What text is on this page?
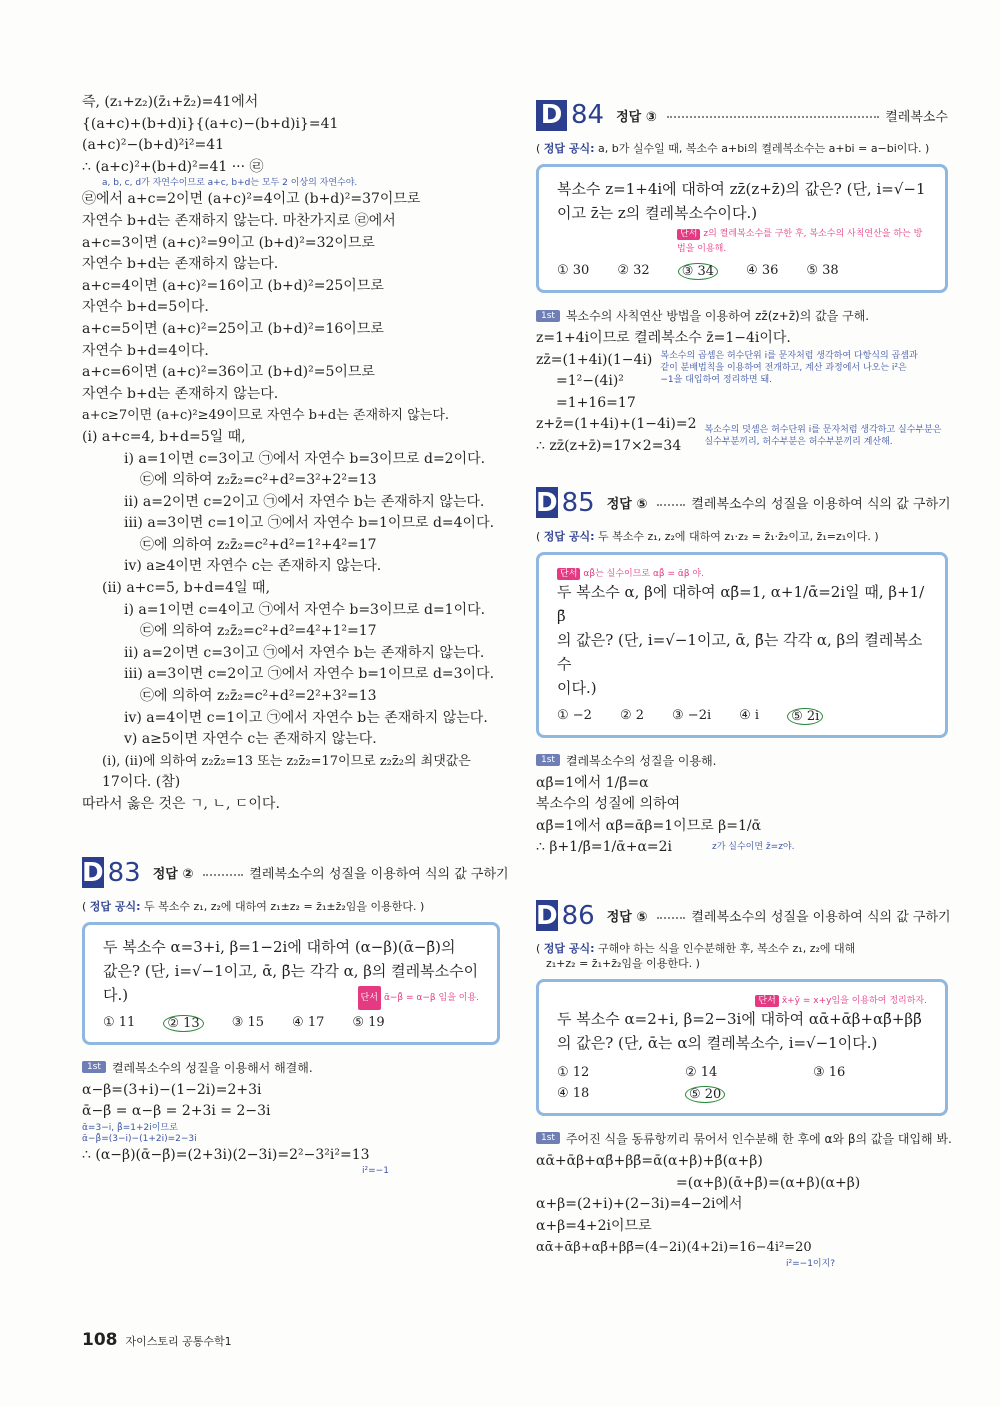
즉, (z₁+z₂)(z̄₁+z̄₂)=41에서
{(a+c)+(b+d)i}{(a+c)−(b+d)i}=41
(a+c)²−(b+d)²i²=41
∴ (a+c)²+(b+d)²=41 ··· ㉣
a, b, c, d가 자연수이므로 a+c, b+d는 모두 2 이상의 자연수야.
㉣에서 a+c=2이면 (a+c)²=4이고 (b+d)²=37이므로
자연수 b+d는 존재하지 않는다. 마찬가지로 ㉣에서
a+c=3이면 (a+c)²=9이고 (b+d)²=32이므로
자연수 b+d는 존재하지 않는다.
a+c=4이면 (a+c)²=16이고 (b+d)²=25이므로
자연수 b+d=5이다.
a+c=5이면 (a+c)²=25이고 (b+d)²=16이므로
자연수 b+d=4이다.
a+c=6이면 (a+c)²=36이고 (b+d)²=5이므로
자연수 b+d는 존재하지 않는다.
a+c≥7이면 (a+c)²≥49이므로 자연수 b+d는 존재하지 않는다.
(i) a+c=4, b+d=5일 때,
ⅰ) a=1이면 c=3이고 ㉠에서 자연수 b=3이므로 d=2이다.
㉢에 의하여 z₂z̄₂=c²+d²=3²+2²=13
ⅱ) a=2이면 c=2이고 ㉠에서 자연수 b는 존재하지 않는다.
ⅲ) a=3이면 c=1이고 ㉠에서 자연수 b=1이므로 d=4이다.
㉢에 의하여 z₂z̄₂=c²+d²=1²+4²=17
ⅳ) a≥4이면 자연수 c는 존재하지 않는다.
(ii) a+c=5, b+d=4일 때,
ⅰ) a=1이면 c=4이고 ㉠에서 자연수 b=3이므로 d=1이다.
㉢에 의하여 z₂z̄₂=c²+d²=4²+1²=17
ⅱ) a=2이면 c=3이고 ㉠에서 자연수 b는 존재하지 않는다.
ⅲ) a=3이면 c=2이고 ㉠에서 자연수 b=1이므로 d=3이다.
㉢에 의하여 z₂z̄₂=c²+d²=2²+3²=13
ⅳ) a=4이면 c=1이고 ㉠에서 자연수 b는 존재하지 않는다.
ⅴ) a≥5이면 자연수 c는 존재하지 않는다.
(i), (ii)에 의하여 z₂z̄₂=13 또는 z₂z̄₂=17이므로 z₂z̄₂의 최댓값은
17이다. (참)
따라서 옳은 것은 ㄱ, ㄴ, ㄷ이다.
D 83 정답 ②	켤레복소수의 성질을 이용하여 식의 값 구하기
( 정답 공식: 두 복소수 z₁, z₂에 대하여 z₁±z₂ = z̄₁±z̄₂임을 이용한다. )
두 복소수 α=3+i, β=1−2i에 대하여 (α−β)(ᾱ−β̄)의
값은? (단, i=√−1이고, ᾱ, β̄는 각각 α, β의 켤레복소수이
다.)	단서 ᾱ−β̄ = α−β 임을 이용.
① 11	② 13	③ 15 ④ 17 ⑤ 19
1st 켤레복소수의 성질을 이용해서 해결해.
α−β=(3+i)−(1−2i)=2+3i
ᾱ−β̄ = α−β = 2+3i = 2−3i
ᾱ=3−i, β̄=1+2i이므로
ᾱ−β̄=(3−i)−(1+2i)=2−3i
∴ (α−β)(ᾱ−β̄)=(2+3i)(2−3i)=2²−3²i²=13
i²=−1
D 84 정답 ③	켤레복소수
( 정답 공식: a, b가 실수일 때, 복소수 a+bi의 켤레복소수는 a+bi = a−bi이다. )
복소수 z=1+4i에 대하여 zz̄(z+z̄)의 값은? (단, i=√−1
이고 z̄는 z의 켤레복소수이다.)
단서 z의 켤레복소수를 구한 후, 복소수의 사칙연산을 하는 방법을 이용해.
① 30 ② 32	③ 34	④ 36 ⑤ 38
1st 복소수의 사칙연산 방법을 이용하여 zz̄(z+z̄)의 값을 구해.
z=1+4i이므로 켤레복소수 z̄=1−4i이다.
zz̄=(1+4i)(1−4i)
=1²−(4i)²
=1+16=17
복소수의 곱셈은 허수단위 i를 문자처럼 생각하여 다항식의 곱셈과
같이 분배법칙을 이용하여 전개하고, 계산 과정에서 나오는 i²은
−1을 대입하여 정리하면 돼.
z+z̄=(1+4i)+(1−4i)=2
∴ zz̄(z+z̄)=17×2=34
복소수의 덧셈은 허수단위 i를 문자처럼 생각하고 실수부분은
실수부분끼리, 허수부분은 허수부분끼리 계산해.
D 85 정답 ⑤	켤레복소수의 성질을 이용하여 식의 값 구하기
( 정답 공식: 두 복소수 z₁, z₂에 대하여 z₁·z₂ = z̄₁·z̄₂이고, z̄̄₁=z₁이다. )
단서 αβ̄는 실수이므로 αβ̄ = ᾱβ 야.
두 복소수 α, β에 대하여 αβ̄=1, α+1/ᾱ=2i일 때, β+1/β̄
의 값은? (단, i=√−1이고, ᾱ, β̄는 각각 α, β의 켤레복소수
이다.)
① −2 ② 2 ③ −2i ④ i	⑤ 2i
1st 켤레복소수의 성질을 이용해.
αβ̄=1에서 1/β̄=α
복소수의 성질에 의하여
αβ̄=1에서 αβ̄=ᾱβ=1이므로 β=1/ᾱ
∴ β+1/β̄=1/ᾱ+α=2i	z가 실수이면 z̄=z야.
D 86 정답 ⑤	켤레복소수의 성질을 이용하여 식의 값 구하기
( 정답 공식: 구해야 하는 식을 인수분해한 후, 복소수 z₁, z₂에 대해
z₁+z₂ = z̄₁+z̄₂임을 이용한다. )
단서 x̄+ȳ = x+y임을 이용하여 정리하자.
두 복소수 α=2+i, β=2−3i에 대하여 αᾱ+ᾱβ+αβ̄+ββ̄
의 값은? (단, ᾱ는 α의 켤레복소수, i=√−1이다.)
① 12	② 14	③ 16
④ 18	⑤ 20
1st 주어진 식을 동류항끼리 묶어서 인수분해 한 후에 α와 β의 값을 대입해 봐.
αᾱ+ᾱβ+αβ̄+ββ̄=ᾱ(α+β)+β̄(α+β)
=(α+β)(ᾱ+β̄)=(α+β)(α+β)
α+β=(2+i)+(2−3i)=4−2i에서
α+β=4+2i이므로
αᾱ+ᾱβ+αβ̄+ββ̄=(4−2i)(4+2i)=16−4i²=20
i²=−1이지?
108 자이스토리 공통수학1
